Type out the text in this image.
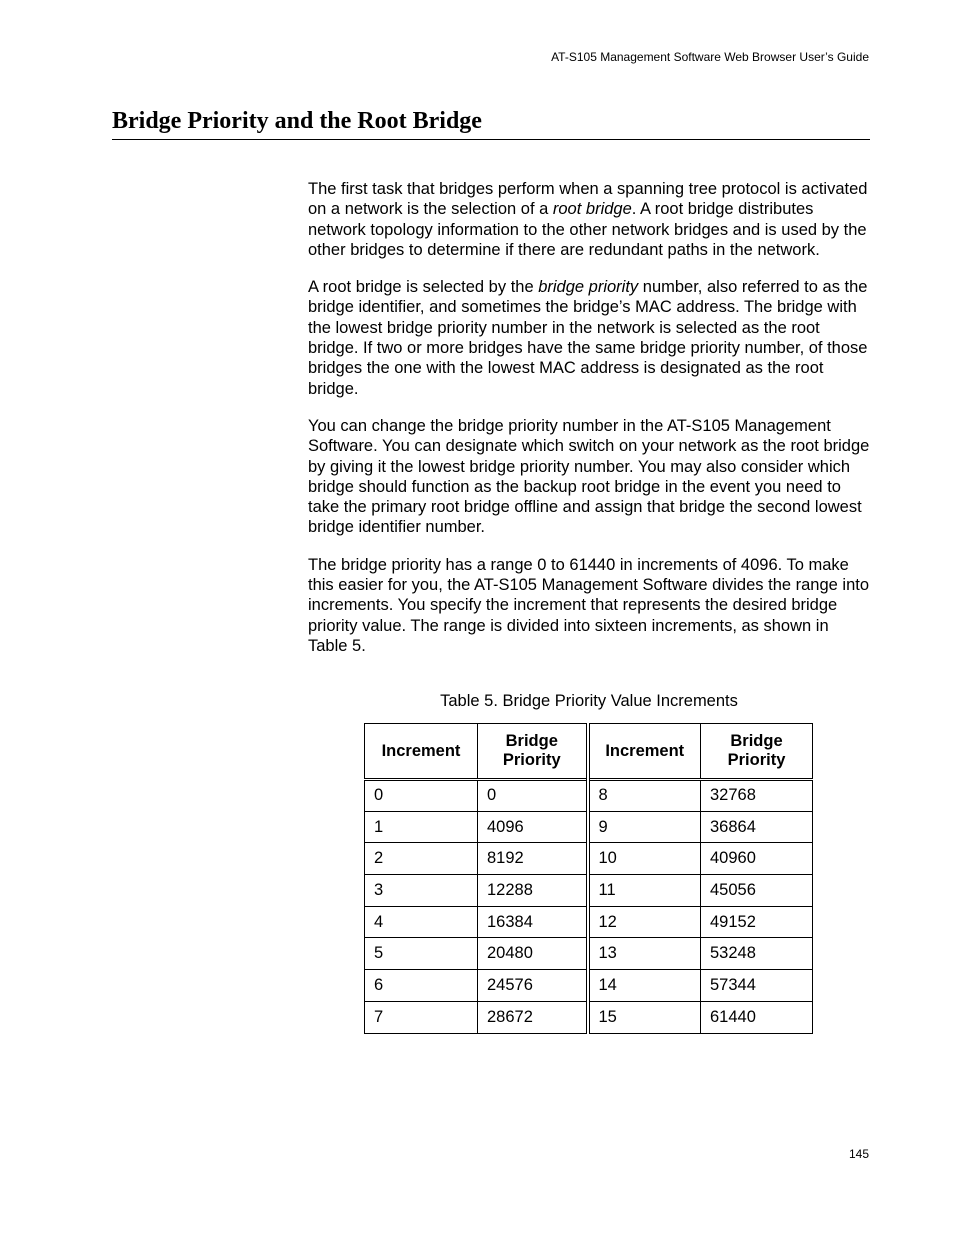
AT-S105 Management Software Web Browser User’s Guide
Bridge Priority and the Root Bridge

The first task that bridges perform when a spanning tree protocol is activated on a network is the selection of a root bridge. A root bridge distributes network topology information to the other network bridges and is used by the other bridges to determine if there are redundant paths in the network.

A root bridge is selected by the bridge priority number, also referred to as the bridge identifier, and sometimes the bridge’s MAC address. The bridge with the lowest bridge priority number in the network is selected as the root bridge. If two or more bridges have the same bridge priority number, of those bridges the one with the lowest MAC address is designated as the root bridge.

You can change the bridge priority number in the AT-S105 Management Software. You can designate which switch on your network as the root bridge by giving it the lowest bridge priority number. You may also consider which bridge should function as the backup root bridge in the event you need to take the primary root bridge offline and assign that bridge the second lowest bridge identifier number.

The bridge priority has a range 0 to 61440 in increments of 4096. To make this easier for you, the AT-S105 Management Software divides the range into increments. You specify the increment that represents the desired bridge priority value. The range is divided into sixteen increments, as shown in Table 5.

Table 5. Bridge Priority Value Increments
Increment	Bridge Priority	Increment	Bridge Priority
0	0	8	32768
1	4096	9	36864
2	8192	10	40960
3	12288	11	45056
4	16384	12	49152
5	20480	13	53248
6	24576	14	57344
7	28672	15	61440
145
